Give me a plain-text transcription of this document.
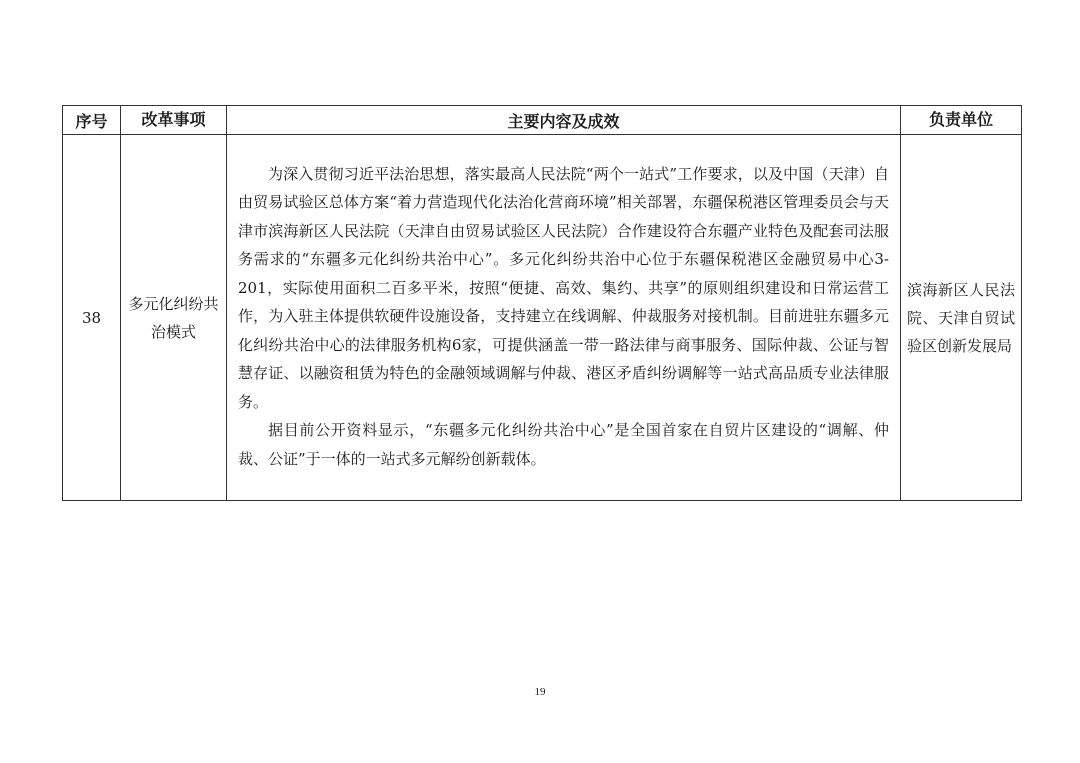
序号	改革事项	主要内容及成效	负责单位
38	多元化纠纷共治模式	为深入贯彻习近平法治思想，落实最高人民法院“两个一站式”工作要求，以及中国（天津）自由贸易试验区总体方案“着力营造现代化法治化营商环境”相关部署，东疆保税港区管理委员会与天津市滨海新区人民法院（天津自由贸易试验区人民法院）合作建设符合东疆产业特色及配套司法服务需求的“东疆多元化纠纷共治中心”。多元化纠纷共治中心位于东疆保税港区金融贸易中心3-201，实际使用面积二百多平米，按照“便捷、高效、集约、共享”的原则组织建设和日常运营工作，为入驻主体提供软硬件设施设备，支持建立在线调解、仲裁服务对接机制。目前进驻东疆多元化纠纷共治中心的法律服务机构6家，可提供涵盖一带一路法律与商事服务、国际仲裁、公证与智慧存证、以融资租赁为特色的金融领域调解与仲裁、港区矛盾纠纷调解等一站式高品质专业法律服务。

据目前公开资料显示，“东疆多元化纠纷共治中心”是全国首家在自贸片区建设的“调解、仲裁、公证”于一体的一站式多元解纷创新载体。	滨海新区人民法院、天津自贸试验区创新发展局
19
